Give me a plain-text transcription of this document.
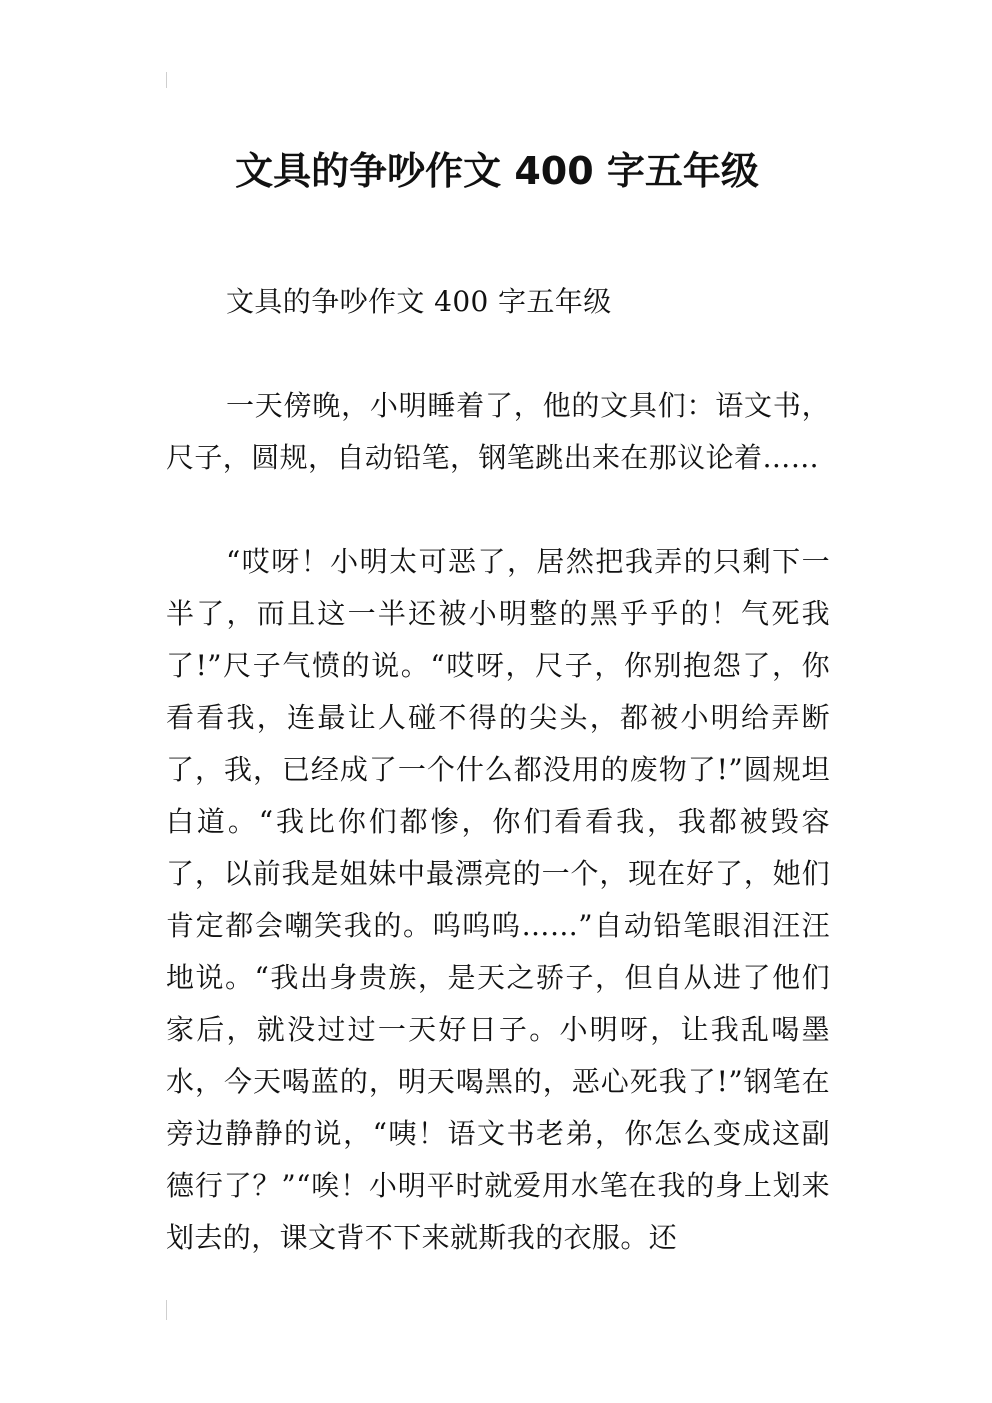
文具的争吵作文 400 字五年级

文具的争吵作文 400 字五年级

一天傍晚，小明睡着了，他的文具们：语文书，尺子，圆规，自动铅笔，钢笔跳出来在那议论着……

“哎呀！小明太可恶了，居然把我弄的只剩下一半了，而且这一半还被小明整的黑乎乎的！气死我了!”尺子气愤的说。“哎呀，尺子，你别抱怨了，你看看我，连最让人碰不得的尖头，都被小明给弄断了，我，已经成了一个什么都没用的废物了!”圆规坦白道。“我比你们都惨，你们看看我，我都被毁容了，以前我是姐妹中最漂亮的一个，现在好了，她们肯定都会嘲笑我的。呜呜呜……”自动铅笔眼泪汪汪地说。“我出身贵族，是天之骄子，但自从进了他们家后，就没过过一天好日子。小明呀，让我乱喝墨水，今天喝蓝的，明天喝黑的，恶心死我了!”钢笔在旁边静静的说，“咦！语文书老弟，你怎么变成这副德行了？”“唉！小明平时就爱用水笔在我的身上划来划去的，课文背不下来就斯我的衣服。还
